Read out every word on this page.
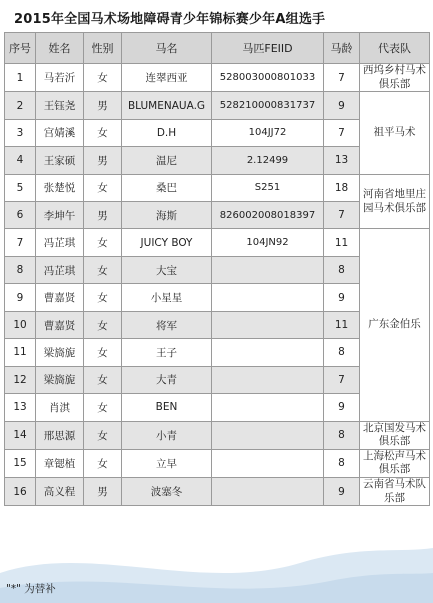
2015年全国马术场地障碍青少年锦标赛少年A组选手
序号	姓名	性别	马名	马匹FEIID	马龄	代表队
1	马若沂	女	连翠西亚	528003000801033	7	西坞乡村马术俱乐部
2	王钰尧	男	BLUMENAUA.G	528210000831737	9	祖平马术
3	宫婧溪	女	D.H	104JJ72	7	
4	王家硕	男	温尼	2.12499	13	
5	张楚悦	女	桑巴	S251	18	河南省地里庄园马术俱乐部
6	李坤午	男	海斯	826002008018397	7	
7	冯芷琪	女	JUICY BOY	104JN92	11	广东金伯乐
8	冯芷琪	女	大宝		8	
9	曹嘉贤	女	小星星		9	
10	曹嘉贤	女	将军		11	
11	梁旖旎	女	王子		8	
12	梁旖旎	女	大青		7	
13	肖淇	女	BEN		9	
14	邢思源	女	小青		8	北京国发马术俱乐部
15	章锶植	女	立早		8	上海松声马术俱乐部
16	高义程	男	波塞冬		9	云南省马术队乐部
"*" 为替补
